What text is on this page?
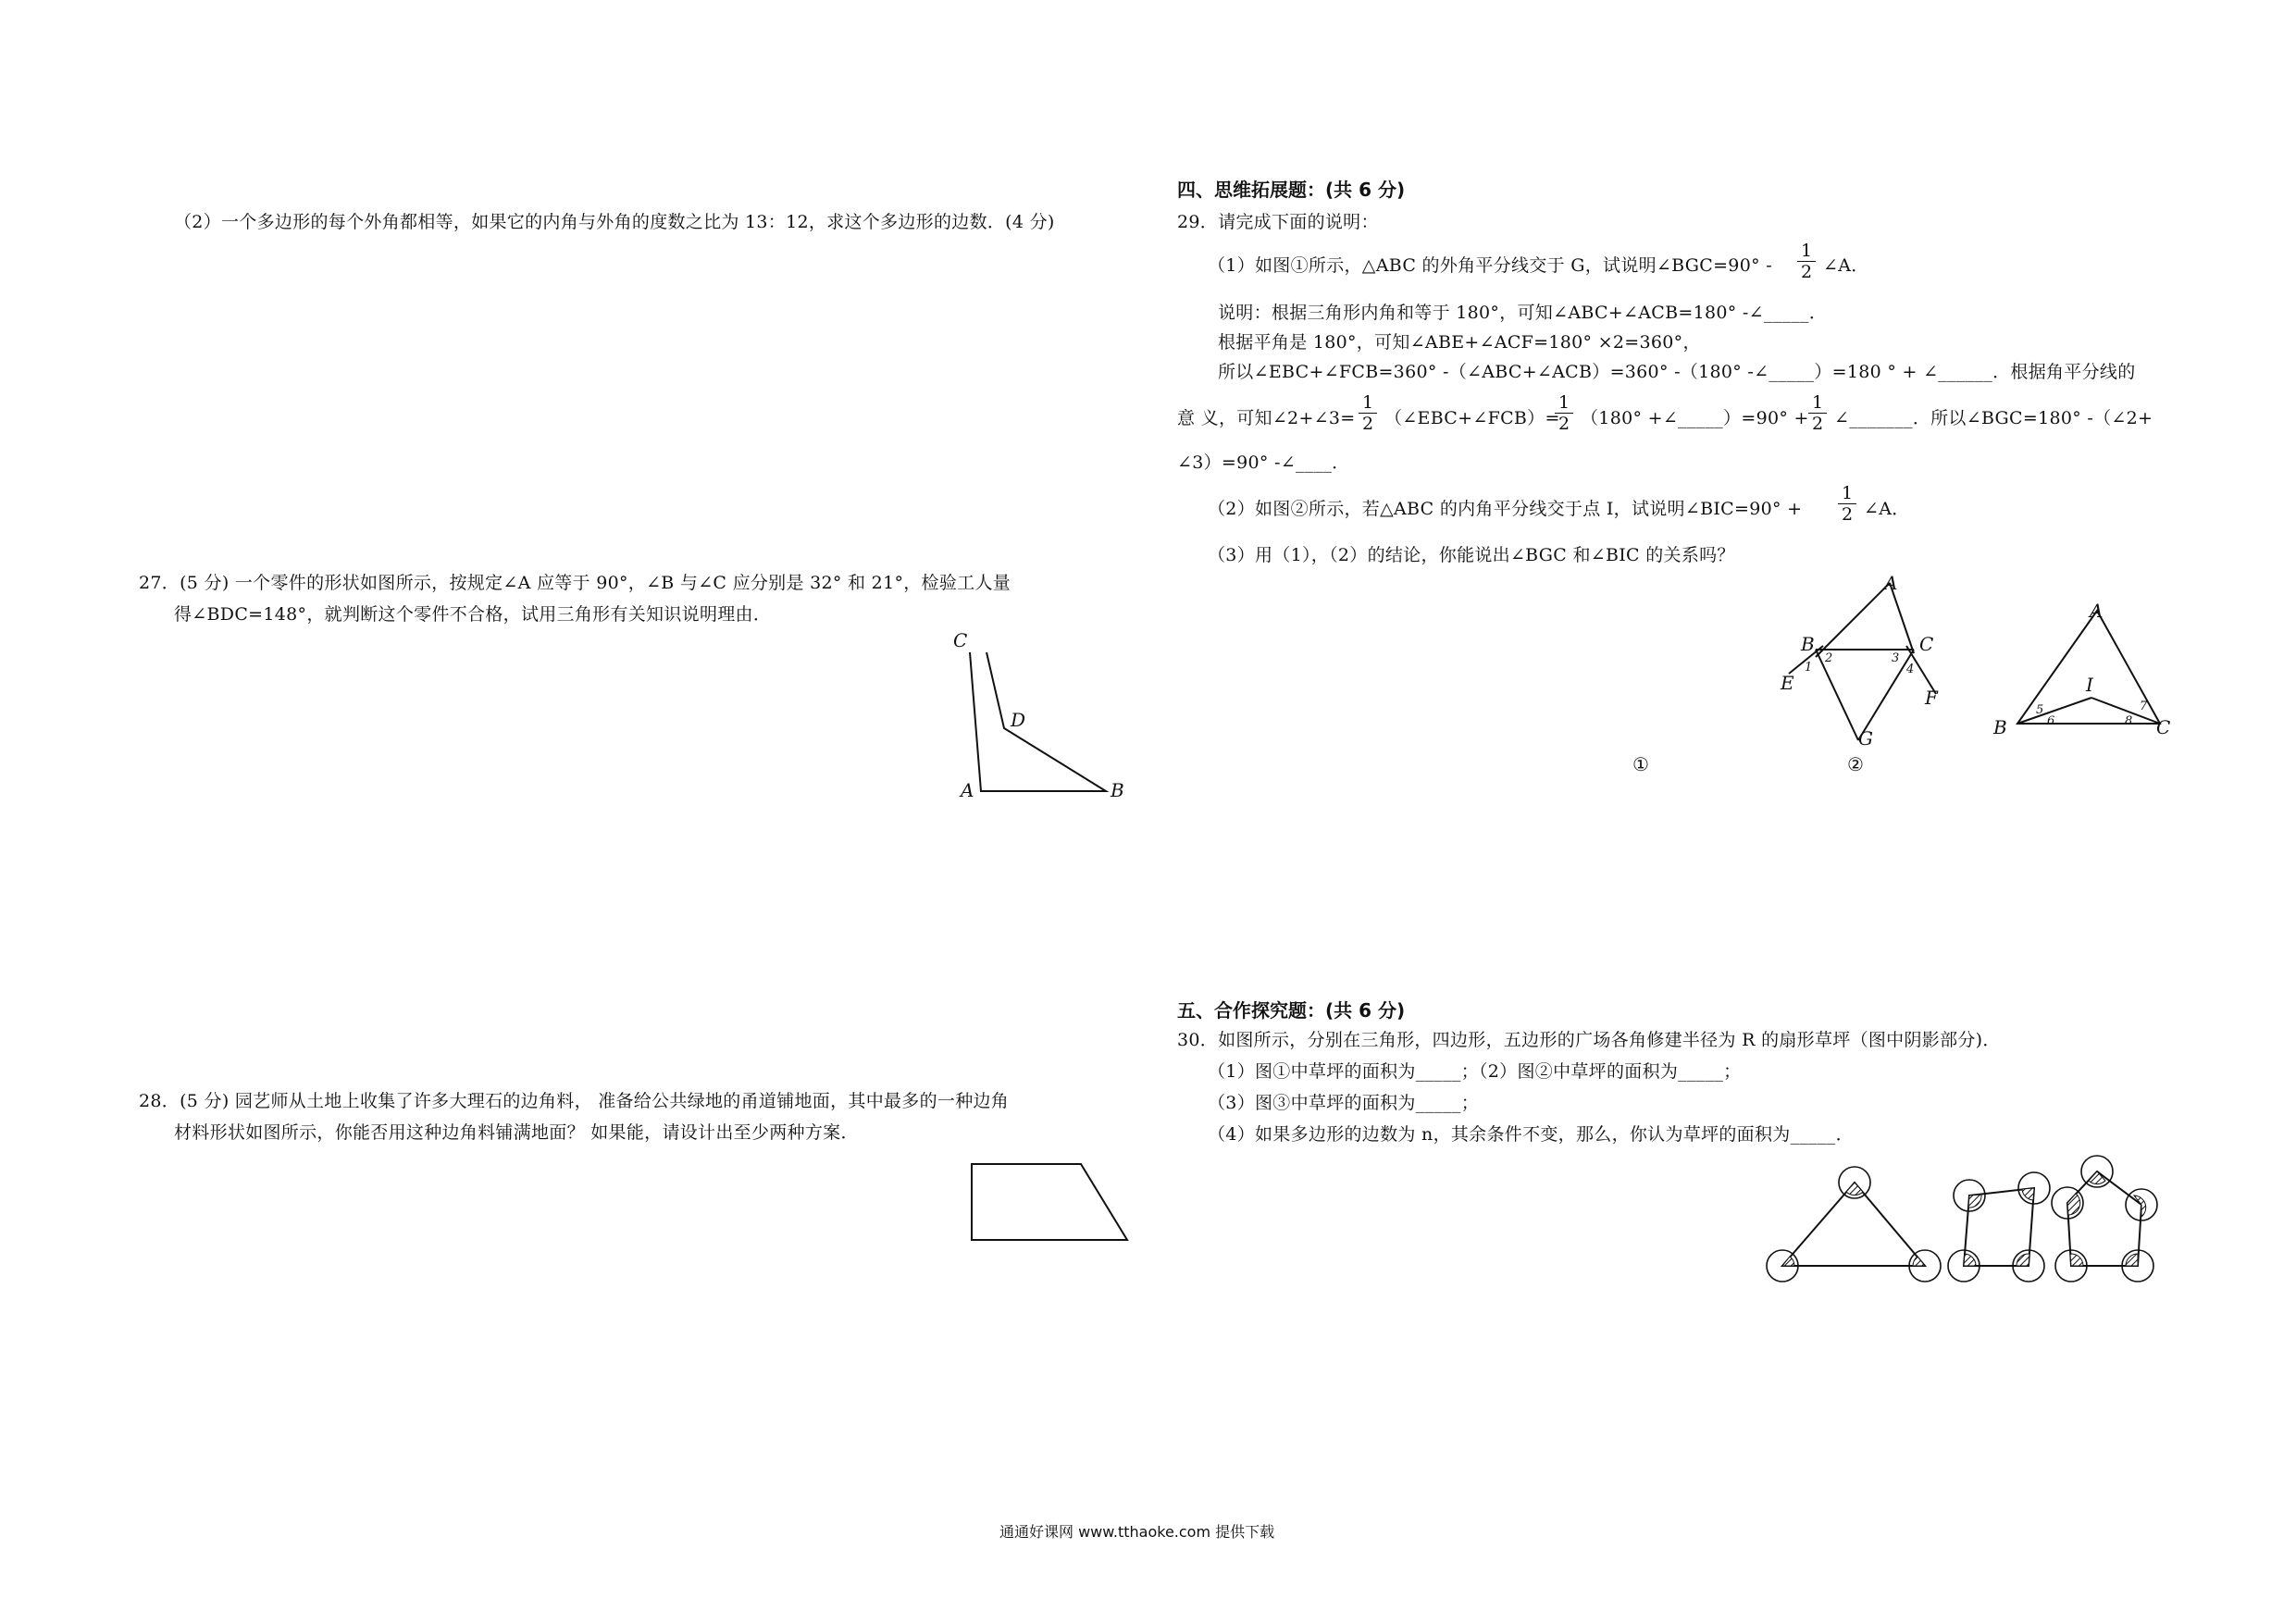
（2）一个多边形的每个外角都相等，如果它的内角与外角的度数之比为 13：12，求这个多边形的边数．(4 分)
27．(5 分) 一个零件的形状如图所示，按规定∠A 应等于 90°，∠B 与∠C 应分别是 32° 和 21°，检验工人量
得∠BDC=148°，就判断这个零件不合格，试用三角形有关知识说明理由．
C
D
A	B
28．(5 分) 园艺师从土地上收集了许多大理石的边角料， 准备给公共绿地的甬道铺地面，其中最多的一种边角
材料形状如图所示，你能否用这种边角料铺满地面？ 如果能，请设计出至少两种方案．
四、思维拓展题：(共 6 分)
29．请完成下面的说明：
（1）如图①所示，△ABC 的外角平分线交于 G，试说明∠BGC=90° - $\frac{1}{2}$ ∠A．
说明：根据三角形内角和等于 180°，可知∠ABC+∠ACB=180° -∠_____．
根据平角是 180°，可知∠ABE+∠ACF=180° ×2=360°，
所以∠EBC+∠FCB=360° -（∠ABC+∠ACB）=360° -（180° -∠_____）=180 ° + ∠______．根据角平分线的
意 义，可知∠2+∠3= $\frac{1}{2}$ （∠EBC+∠FCB）=
$\frac{1}{2} (180^\circ$ +∠_____）=90° + $\frac{1}{2}$ ∠_______．所以∠BGC=180° -（∠2+
∠3）=90° -∠____．
（2）如图②所示，若△ABC 的内角平分线交于点 I，试说明∠BIC=90° + $\frac{1}{2}$ ∠A．
（3）用（1），（2）的结论，你能说出∠BGC 和∠BIC 的关系吗？
A
B	C
E
F
G
1
2	3
4
A
B	C
I
5
6
7
8
①	②
五、合作探究题：(共 6 分)
30．如图所示，分别在三角形，四边形，五边形的广场各角修建半径为 R 的扇形草坪（图中阴影部分)．
（1）图①中草坪的面积为_____；（2）图②中草坪的面积为_____；
（3）图③中草坪的面积为_____；
（4）如果多边形的边数为 n，其余条件不变，那么，你认为草坪的面积为_____．
通通好课网 www.tthaoke.com 提供下载
